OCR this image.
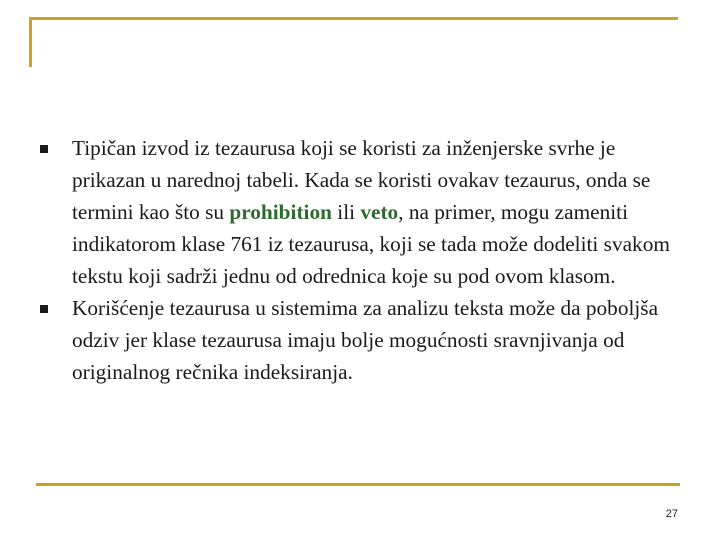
Tipičan izvod iz tezaurusa koji se koristi za inženjerske svrhe je prikazan u narednoj tabeli. Kada se koristi ovakav tezaurus, onda se termini kao što su prohibition ili veto, na primer, mogu zameniti indikatorom klase 761 iz tezaurusa, koji se tada može dodeliti svakom tekstu koji sadrži jednu od odrednica koje su pod ovom klasom.
Korišćenje tezaurusa u sistemima za analizu teksta može da poboljša odziv jer klase tezaurusa imaju bolje mogućnosti sravnjivanja od originalnog rečnika indeksiranja.
27
